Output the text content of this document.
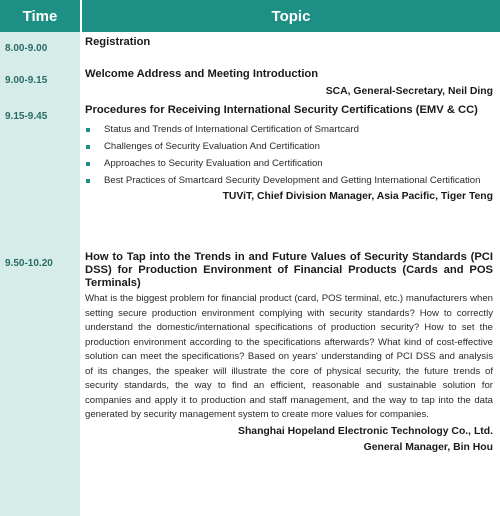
Time	Topic
8.00-9.00
Registration
9.00-9.15
Welcome Address and Meeting Introduction
SCA, General-Secretary, Neil Ding
9.15-9.45
Procedures for Receiving International Security Certifications (EMV & CC)
Status and Trends of International Certification of Smartcard
Challenges of Security Evaluation And Certification
Approaches to Security Evaluation and Certification
Best Practices of Smartcard Security Development and Getting International Certification
TUViT, Chief Division Manager, Asia Pacific, Tiger Teng
9.50-10.20
How to Tap into the Trends in and Future Values of Security Standards (PCI DSS) for Production Environment of Financial Products (Cards and POS Terminals)
What is the biggest problem for financial product (card, POS terminal, etc.) manufacturers when setting secure production environment complying with security standards? How to correctly understand the domestic/international specifications of production security? How to set the production environment according to the specifications afterwards? What kind of cost-effective solution can meet the specifications? Based on years' understanding of PCI DSS and analysis of its changes, the speaker will illustrate the core of physical security, the future trends of security standards, the way to find an efficient, reasonable and sustainable solution for companies and apply it to production and staff management, and the way to tap into the data generated by security management system to create more values for companies.
Shanghai Hopeland Electronic Technology Co., Ltd.
General Manager, Bin Hou
